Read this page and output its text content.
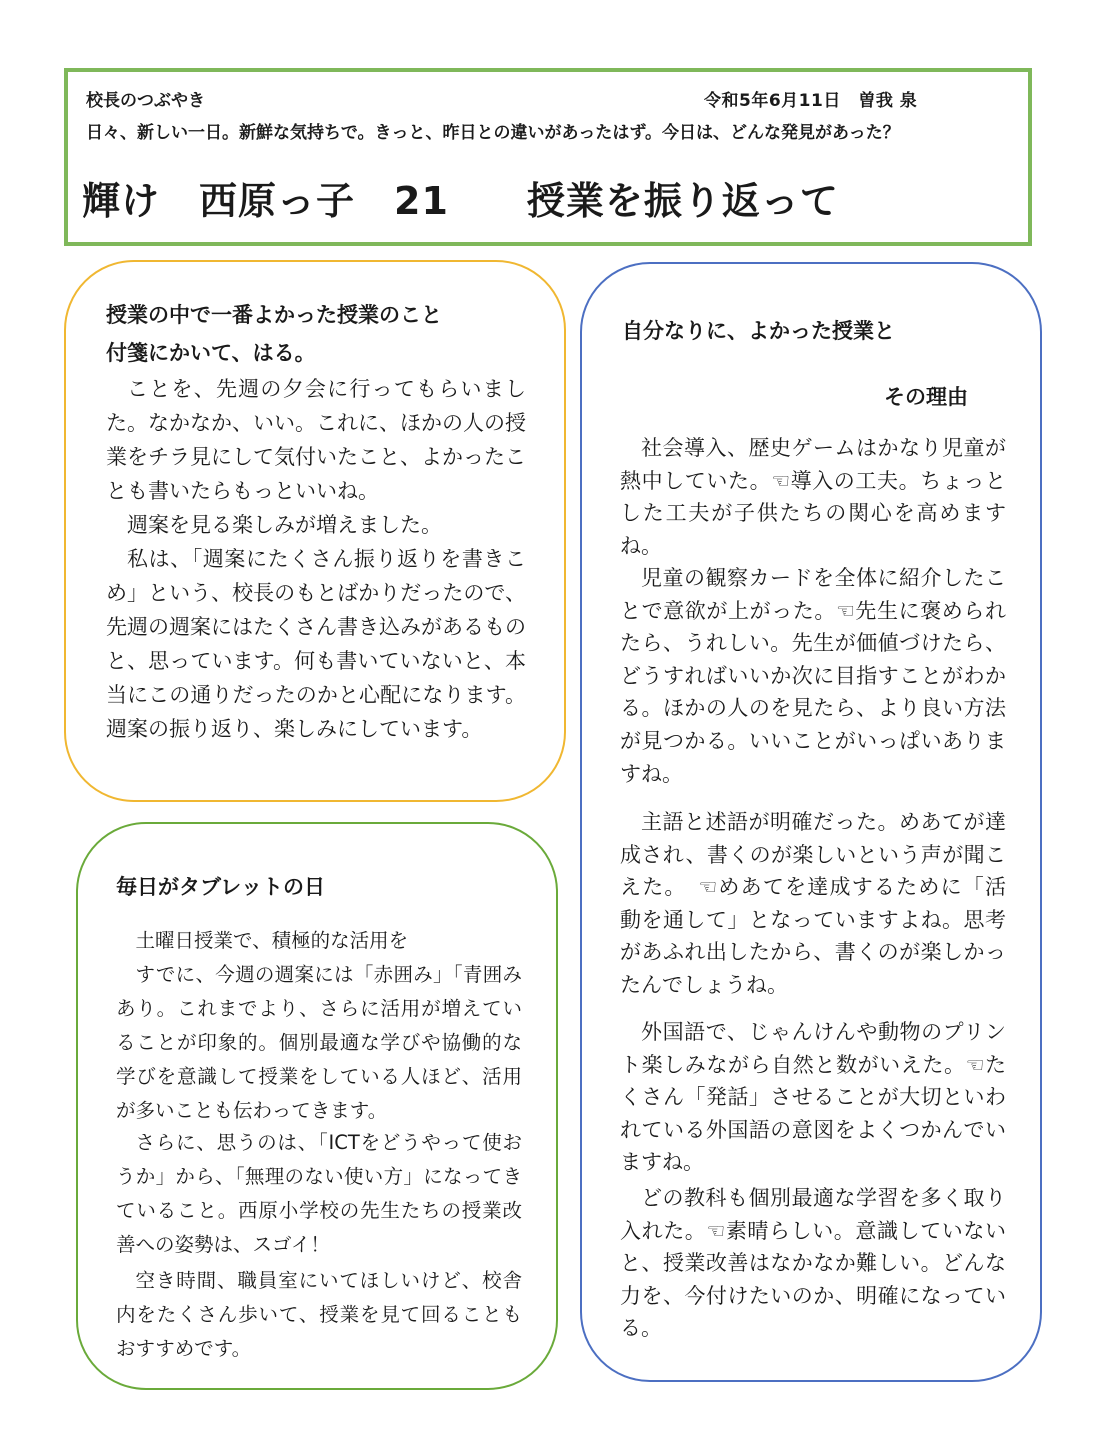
校長のつぶやき	令和5年6月11日　曽我 泉
日々、新しい一日。新鮮な気持ちで。きっと、昨日との違いがあったはず。今日は、どんな発見があった？
輝け　西原っ子　21　　授業を振り返って
授業の中で一番よかった授業のこと
付箋にかいて、はる。

ことを、先週の夕会に行ってもらいました。なかなか、いい。これに、ほかの人の授業をチラ見にして気付いたこと、よかったことも書いたらもっといいね。

週案を見る楽しみが増えました。

私は、「週案にたくさん振り返りを書きこめ」という、校長のもとばかりだったので、先週の週案にはたくさん書き込みがあるものと、思っています。何も書いていないと、本当にこの通りだったのかと心配になります。週案の振り返り、楽しみにしています。

自分なりに、よかった授業と
その理由

社会導入、歴史ゲームはかなり児童が熱中していた。☜導入の工夫。ちょっとした工夫が子供たちの関心を高めますね。

児童の観察カードを全体に紹介したことで意欲が上がった。☜先生に褒められたら、うれしい。先生が価値づけたら、どうすればいいか次に目指すことがわかる。ほかの人のを見たら、より良い方法が見つかる。いいことがいっぱいありますね。

主語と述語が明確だった。めあてが達成され、書くのが楽しいという声が聞こえた。　☜めあてを達成するために「活動を通して」となっていますよね。思考があふれ出したから、書くのが楽しかったんでしょうね。

外国語で、じゃんけんや動物のプリント楽しみながら自然と数がいえた。☜たくさん「発話」させることが大切といわれている外国語の意図をよくつかんでいますね。

どの教科も個別最適な学習を多く取り入れた。☜素晴らしい。意識していないと、授業改善はなかなか難しい。どんな力を、今付けたいのか、明確になっている。

毎日がタブレットの日

土曜日授業で、積極的な活用を

すでに、今週の週案には「赤囲み」「青囲みあり。これまでより、さらに活用が増えていることが印象的。個別最適な学びや協働的な学びを意識して授業をしている人ほど、活用が多いことも伝わってきます。

さらに、思うのは、「ICTをどうやって使おうか」から、「無理のない使い方」になってきていること。西原小学校の先生たちの授業改善への姿勢は、スゴイ！

空き時間、職員室にいてほしいけど、校舎内をたくさん歩いて、授業を見て回ることもおすすめです。
